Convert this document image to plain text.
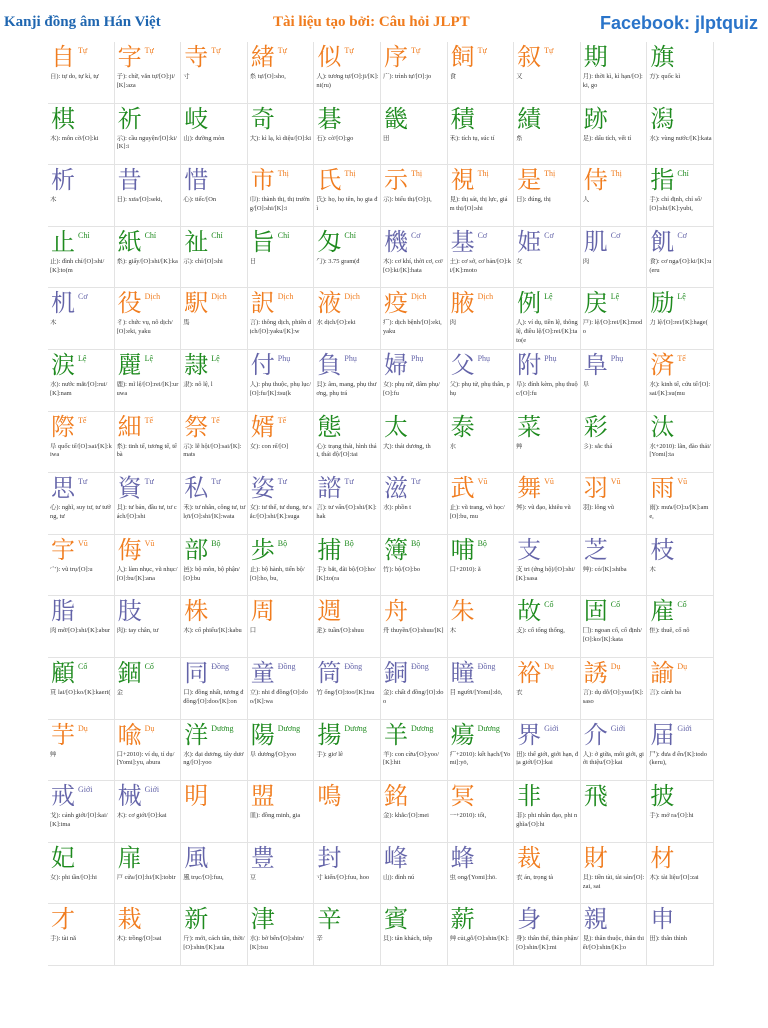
Kanji đồng âm Hán Việt	Tài liệu tạo bởi: Câu hỏi JLPT	Facebook: jlptquiz
自 Tự
自): tự do, tự kỉ, tự
字 Tự
子): chữ, văn tự/[O]:ji/[K]:aza
寺 Tự
寸
緒 Tự
糸 tự/[O]:sho,
似 Tự
人): tương tự/[O]:ji/[K]:ni(ru)
序 Tự
广): trình tự/[O]:jo
飼 Tự
食
叙 Tự
又
期
月): thời kì, kì hạn/[O]:ki, go
旗
方): quốc kì
棋
木): môn cờ/[O]:ki
祈
示): cầu nguyện/[O]:ki/[K]:i
岐
山): đường mòn
奇
大): kì lạ, kì diệu/[O]:ki
碁
石): cờ/[O]:go
畿
田
積
禾): tích tụ, súc tí
績
糸
跡
足): dấu tích, vết tí
潟
水): vùng nước/[K]:kata
析
木
昔
日): xưa/[O]:seki,
惜
心): tiếc/[On
市 Thị
巾): thành thị, thị trường/[O]:shi/[K]:i
氏 Thị
氏): họ, họ tên, họ gia đì
示 Thị
示): biểu thị/[O]:ji,
視 Thị
見): thị sát, thị lực, giám thị/[O]:shi
是 Thị
日): đúng, thị
侍 Thị
人
指 Chỉ
手): chỉ định, chỉ số/[O]:shi/[K]:yubi,
止 Chỉ
止): đình chỉ/[O]:shi/[K]:to(m
紙 Chỉ
糸): giấy/[O]:shi/[K]:ka
祉 Chỉ
示): chỉ/[O]:shi
旨 Chỉ
日
匁 Chỉ
勹): 3.75 gram(đ
機 Cơ
木): cơ khí, thời cơ, cơ/[O]:ki/[K]:hata
基 Cơ
土): cơ sở, cơ bản/[O]:ki/[K]:moto
姫 Cơ
女
肌 Cơ
肉
飢 Cơ
食): cơ ngạ/[O]:ki/[K]:u(eru
机 Cơ
木
役 Dịch
彳): chức vụ, nô dịch/[O]:eki, yaku
駅 Dịch
馬
訳 Dịch
言): thông dịch, phiên dịch/[O]:yaku/[K]:w
液 Dịch
水 dịch/[O]:eki
疫 Dịch
疒): dịch bệnh/[O]:eki, yaku
腋 Dịch
肉
例 Lệ
人): ví dụ, tiền lệ, thông lệ, điều lệ/[O]:rei/[K]:tato(e
戻 Lệ
戸): lệ/[O]:rei/[K]:modo
励 Lệ
力 lệ/[O]:rei/[K]:hage(
涙 Lệ
水): nước mắt/[O]:rui/[K]:nam
麗 Lệ
鹿): mĩ lệ/[O]:rei/[K]:uruwa
隷 Lệ
隶): nô lệ, l
付 Phụ
人): phụ thuộc, phụ lục/[O]:fu/[K]:tsu(k
負 Phụ
貝): âm, mang, phụ thương, phụ trá
婦 Phụ
女): phụ nữ, dâm phụ/[O]:fu
父 Phụ
父): phụ tử, phụ thân, phụ
附 Phụ
阜): đính kèm, phụ thuộc/[O]:fu
阜 Phụ
阜
済 Tế
水): kinh tế, cứu tế/[O]:sai/[K]:su(mu
際 Tế
阜 quốc tế/[O]:sai/[K]:kiwa
細 Tế
糸): tinh tế, tương tế, tế bà
祭 Tế
示): lễ hội/[O]:sai/[K]:mats
婿 Tế
女): con rể/[O]
態
心): trạng thái, hình thái, thái độ/[O]:tai
太
大): thái dương, th
泰
水
菜
艸
彩
彡): sắc thá
汰
水+2010): lãn, đào thải/[Yomi]:ta
思 Tư
心): nghĩ, suy tư, tư tưởng, tư
資 Tư
貝): tư bản, đầu tư, tư cách/[O]:shi
私 Tư
禾): tư nhân, công tư, tư lợi/[O]:shi/[K]:wata
姿 Tư
女): tư thế, tư dung, tư sắc/[O]:shi/[K]:suga
諮 Tư
言): tư vấn/[O]:shi/[K]:hak
滋 Tư
水): phồn t
武 Vũ
止): vũ trang, võ học/[O]:bu, mu
舞 Vũ
舛): vũ đạo, khiêu vũ
羽 Vũ
羽): lông vũ
雨 Vũ
雨): mưa/[O]:u/[K]:ame,
宇 Vũ
宀): vũ trụ/[O]:u
侮 Vũ
人): làm nhục, vũ nhục/[O]:bu/[K]:ana
部 Bộ
邑): bộ môn, bộ phận/[O]:bu
歩 Bộ
止): bộ hành, tiến bộ/[O]:ho, bu,
捕 Bộ
手): bắt, đãi bộ/[O]:ho/[K]:to(ra
簿 Bộ
竹): bộ/[O]:bo
哺 Bộ
口+2010): ă
支
支 tri (ứng hộ)/[O]:shi/[K]:sasa
芝
艸): cỏ/[K]:shiba
枝
木
脂
肉 mỡ/[O]:shi/[K]:abur
肢
肉): tay chân, tư
株
木): cổ phiếu/[K]:kabu
周
口
週
辵): tuần/[O]:shuu
舟
舟 thuyền/[O]:shuu/[K]
朱
木
故 Cố
攴): cố tổng thống,
固 Cố
囗): ngoan cố, cố định/[O]:ko/[K]:kata
雇 Cố
隹): thuê, cố nô
顧 Cố
頁 lai/[O]:ko/[K]:kaeri(
錮 Cố
金
同 Đồng
口): đồng nhất, tương đ đồng/[O]:doo/[K]:on
童 Đồng
立): nhi đ đồng/[O]:doo/[K]:wa
筒 Đồng
竹 ống/[O]:too/[K]:tsu
銅 Đồng
金): chất đ đồng/[O]:doo
瞳 Đồng
目 người/[Yomi]:dō,
裕 Dụ
衣
誘 Dụ
言): dụ dỗ/[O]:yuu/[K]:saso
諭 Dụ
言): cảnh ba
芋 Dụ
艸
喩 Dụ
口+2010): ví dụ, tỉ dụ/[Yomi]:yu, abura
洋 Dương
水): đại dương, tây dương/[O]:yoo
陽 Dương
阜 dương/[O]:yoo
揚 Dương
手): giơ lê
羊 Dương
羊): con cừu/[O]:yoo/[K]:hit
瘍 Dương
疒+2010): kết hạch/[Yomi]:yō,
界 Giới
田): thế giới, giới hạn, địa giới/[O]:kai
介 Giới
人): ở giữa, môi giới, giới thiệu/[O]:kai
届 Giới
尸): đưa đ ến/[K]:todo(keru),
戒 Giới
戈): cảnh giới/[O]:kai/[K]:ima
械 Giới
木): cơ giới/[O]:kai
明 盟
皿): đồng minh, gia
鳴 銘
金): khắc/[O]:mei
冥
一+2010): tối,
非
非): phi nhân đạo, phi nghĩa/[O]:hi
飛 披
手): mở ra/[O]:hi
妃
女): phi tần/[O]:hi
扉
戸 cửa/[O]:hi/[K]:tobir
風
風 trục/[O]:fuu,
豊
豆
封
寸 kiến/[O]:fuu, hoo
峰
山): đỉnh nú
蜂
虫 ong/[Yomi]:hō.
裁
衣 án, trọng tà
財
貝): tiền tài, tài sản/[O]:zai, sai
材
木): tài liệu/[O]:zai
才
手): tài nă
栽
木): trồng/[O]:sai
新
斤): mới, cách tân, thời/[O]:shin/[K]:ata
津
水): bờ bến/[O]:shin/[K]:tsu
辛
辛
賓
貝): tân khách, tiếp
薪
艸 củi,gỗ/[O]:shin/[K]:
身
身): thân thể, thân phận/[O]:shin/[K]:mi
親
見): thân thuộc, thân thiết/[O]:shin/[K]:o
申
田): thân thỉnh
